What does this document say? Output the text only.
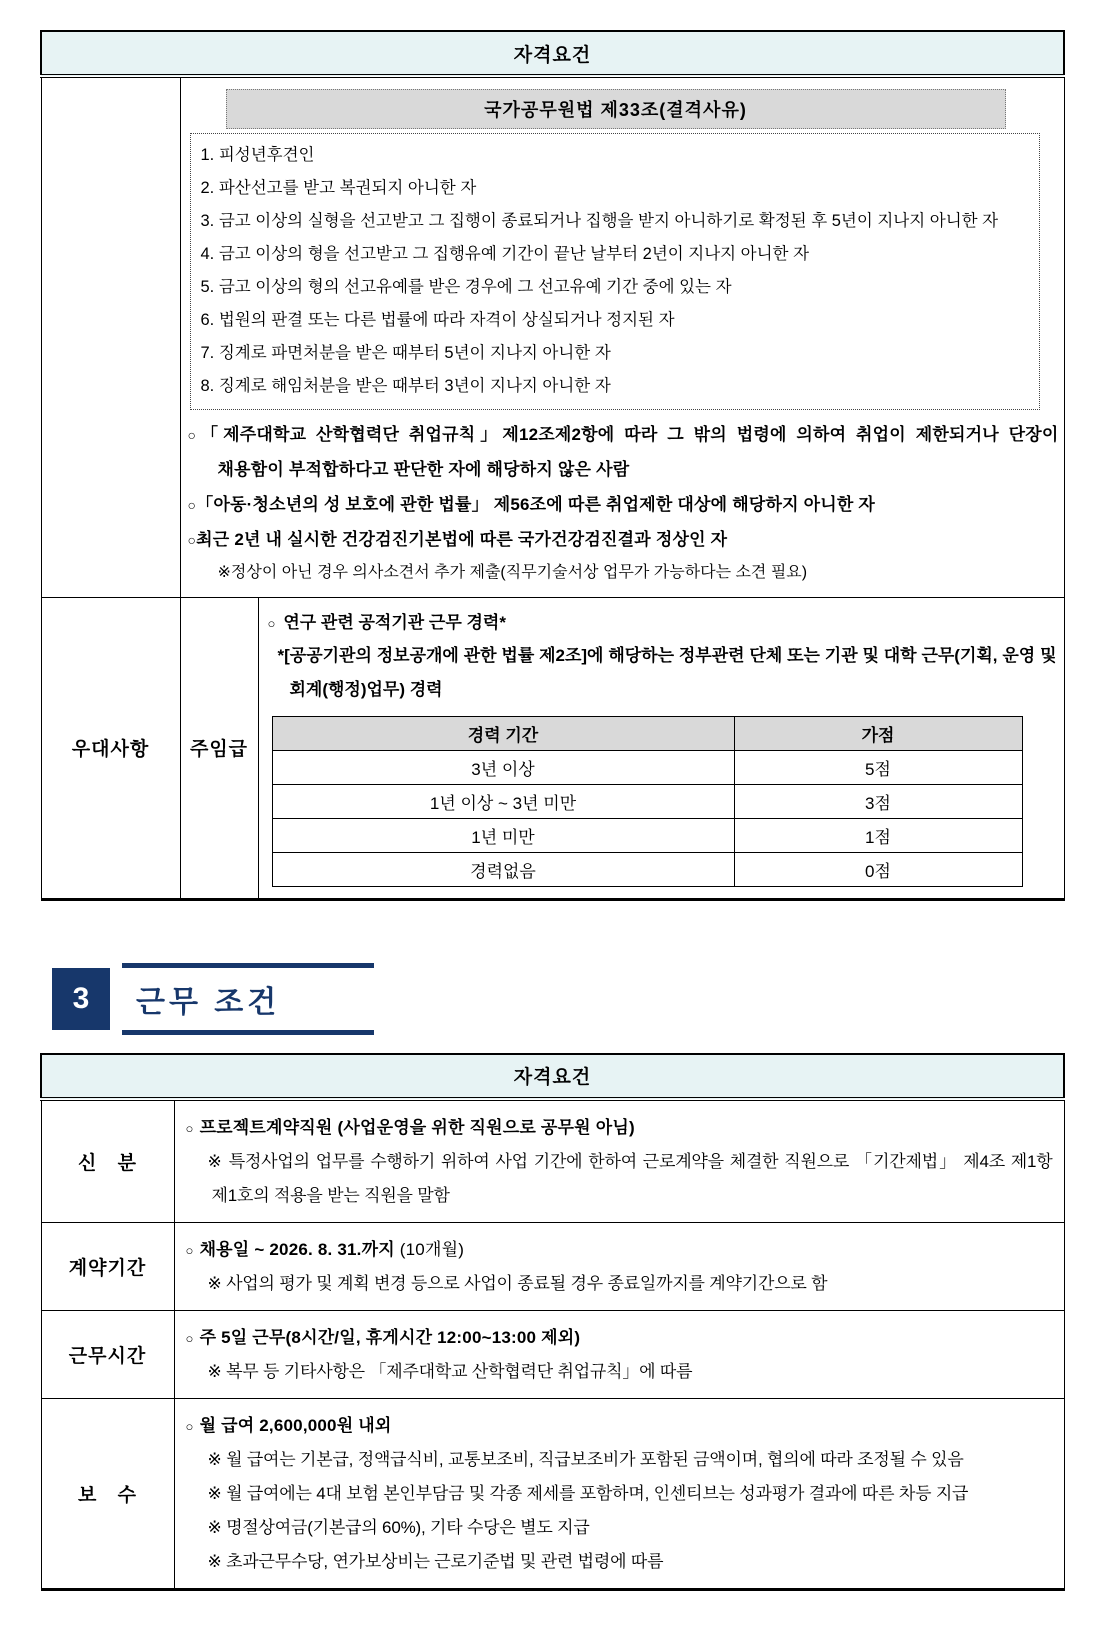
자격요건

국가공무원법 제33조(결격사유)
1. 피성년후견인
2. 파산선고를 받고 복권되지 아니한 자
3. 금고 이상의 실형을 선고받고 그 집행이 종료되거나 집행을 받지 아니하기로 확정된 후 5년이 지나지 아니한 자
4. 금고 이상의 형을 선고받고 그 집행유예 기간이 끝난 날부터 2년이 지나지 아니한 자
5. 금고 이상의 형의 선고유예를 받은 경우에 그 선고유예 기간 중에 있는 자
6. 법원의 판결 또는 다른 법률에 따라 자격이 상실되거나 정지된 자
7. 징계로 파면처분을 받은 때부터 5년이 지나지 아니한 자
8. 징계로 해임처분을 받은 때부터 3년이 지나지 아니한 자
○「제주대학교 산학협력단 취업규칙」제12조제2항에 따라 그 밖의 법령에 의하여 취업이 제한되거나 단장이 채용함이 부적합하다고 판단한 자에 해당하지 않은 사람
○「아동·청소년의 성 보호에 관한 법률」 제56조에 따른 취업제한 대상에 해당하지 아니한 자
○최근 2년 내 실시한 건강검진기본법에 따른 국가건강검진결과 정상인 자
※정상이 아닌 경우 의사소견서 추가 제출(직무기술서상 업무가 가능하다는 소견 필요)

우대사항	주임급	
○ 연구 관련 공적기관 근무 경력*
*[공공기관의 정보공개에 관한 법률 제2조]에 해당하는 정부관련 단체 또는 기관 및 대학 근무(기획, 운영 및 회계(행정)업무) 경력
경력 기간	가점
3년 이상	5점
1년 이상 ~ 3년 미만	3점
1년 미만	1점
경력없음	0점
3	근무 조건
자격요건	
신 분	○ 프로젝트계약직원 (사업운영을 위한 직원으로 공무원 아님)
※ 특정사업의 업무를 수행하기 위하여 사업 기간에 한하여 근로계약을 체결한 직원으로 「기간제법」 제4조 제1항 제1호의 적용을 받는 직원을 말함

계약기간	○ 채용일 ~ 2026. 8. 31.까지 (10개월)
※ 사업의 평가 및 계획 변경 등으로 사업이 종료될 경우 종료일까지를 계약기간으로 함

근무시간	○ 주 5일 근무(8시간/일, 휴게시간 12:00~13:00 제외)
※ 복무 등 기타사항은 「제주대학교 산학협력단 취업규칙」에 따름

보 수	○ 월 급여 2,600,000원 내외
※ 월 급여는 기본급, 정액급식비, 교통보조비, 직급보조비가 포함된 금액이며, 협의에 따라 조정될 수 있음
※ 월 급여에는 4대 보험 본인부담금 및 각종 제세를 포함하며, 인센티브는 성과평가 결과에 따른 차등 지급
※ 명절상여금(기본급의 60%), 기타 수당은 별도 지급
※ 초과근무수당, 연가보상비는 근로기준법 및 관련 법령에 따름
